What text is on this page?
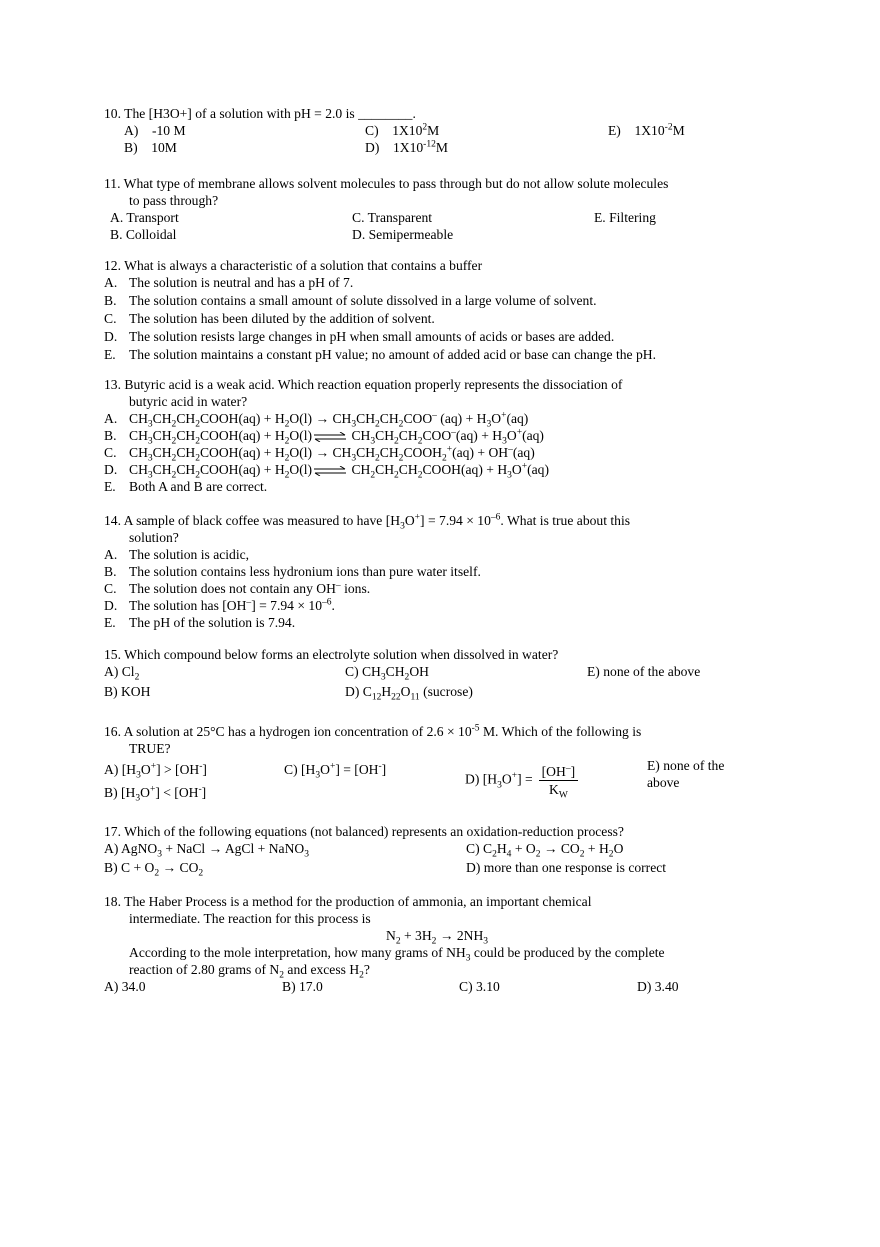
10. The [H3O+] of a solution with pH = 2.0 is ________.
A) -10 M	C) $1X10^2M$	E) $1X10^{-2}M$
B) 10M	D) $1X10^{-12}M$
11. What type of membrane allows solvent molecules to pass through but do not allow solute molecules
to pass through?
A. Transport	C. Transparent	E. Filtering
B. Colloidal	D. Semipermeable
12. What is always a characteristic of a solution that contains a buffer
A. The solution is neutral and has a pH of 7.
B. The solution contains a small amount of solute dissolved in a large volume of solvent.
C. The solution has been diluted by the addition of solvent.
D. The solution resists large changes in pH when small amounts of acids or bases are added.
E. The solution maintains a constant pH value; no amount of added acid or base can change the pH.
13. Butyric acid is a weak acid. Which reaction equation properly represents the dissociation of
butyric acid in water?
A. $CH_3CH_2CH_2COOH(aq) + H_2O(l) \to CH_3CH_2CH_2COO^-$ $(aq) + H_3O^+(aq)$
B. $CH_3CH_2CH_2COOH(aq)$ + $H_2O(l)\rightleftharpoons$ $CH_3CH_2CH_2COO^-(aq) + H_3O^+(aq)$
C. $CH_3CH_2CH_2COOH(aq) + H_2O(l)$ → $CH_3CH_2CH_2COOH_2^+(aq) + OH^-(aq)$
D. $CH_3CH_2CH_2COOH(aq)$ + $H_2O(l)\rightleftharpoons$ $CH_2CH_2CH_2COOH(aq) + H_3O^+(aq)$
E. Both A and B are correct.
14. A sample of black coffee was measured to have $[H_3O^+] = 7.94 \times 10^{-6}$. What is true about this
solution?
A. The solution is acidic,
B. The solution contains less hydronium ions than pure water itself.
C. The solution does not contain any OH– ions.
D. The solution has $[OH^-] = 7.94 \times 10^{-6}$.
E. The pH of the solution is 7.94.
15. Which compound below forms an electrolyte solution when dissolved in water?
A) $Cl_2$	C) $CH_3CH_2OH$	E) none of the above
B) KOH	D) $C_{12}H_{22}O_{11}$ (sucrose)
16. A solution at 25°C has a hydrogen ion concentration of $2.6 \times 10^{-5}$ M. Which of the following is
TRUE?
A) $[H_3O^+] > [OH^-]$	C) $[H_3O^+] = [OH^-]$
B) $[H_3O^+] < [OH^-]$
D) $[H_3O^+] = \frac{[OH^-]}{K_W}$	E) none of the
above
17. Which of the following equations (not balanced) represents an oxidation-reduction process?
A) AgNO$_3$ + NaCl → AgCl + NaNO$_3$	C) $C_2H_4 + O_2 \to CO_2 + H_2O$
B) $C + O_2 \to CO_2$	D) more than one response is correct
18. The Haber Process is a method for the production of ammonia, an important chemical
intermediate. The reaction for this process is
$N_2 + 3H_2 \to 2NH_3$
According to the mole interpretation, how many grams of $NH_3$ could be produced by the complete
reaction of 2.80 grams of $N_2$ and excess $H_2$?
A) 34.0	B) 17.0	C) 3.10	D) 3.40
